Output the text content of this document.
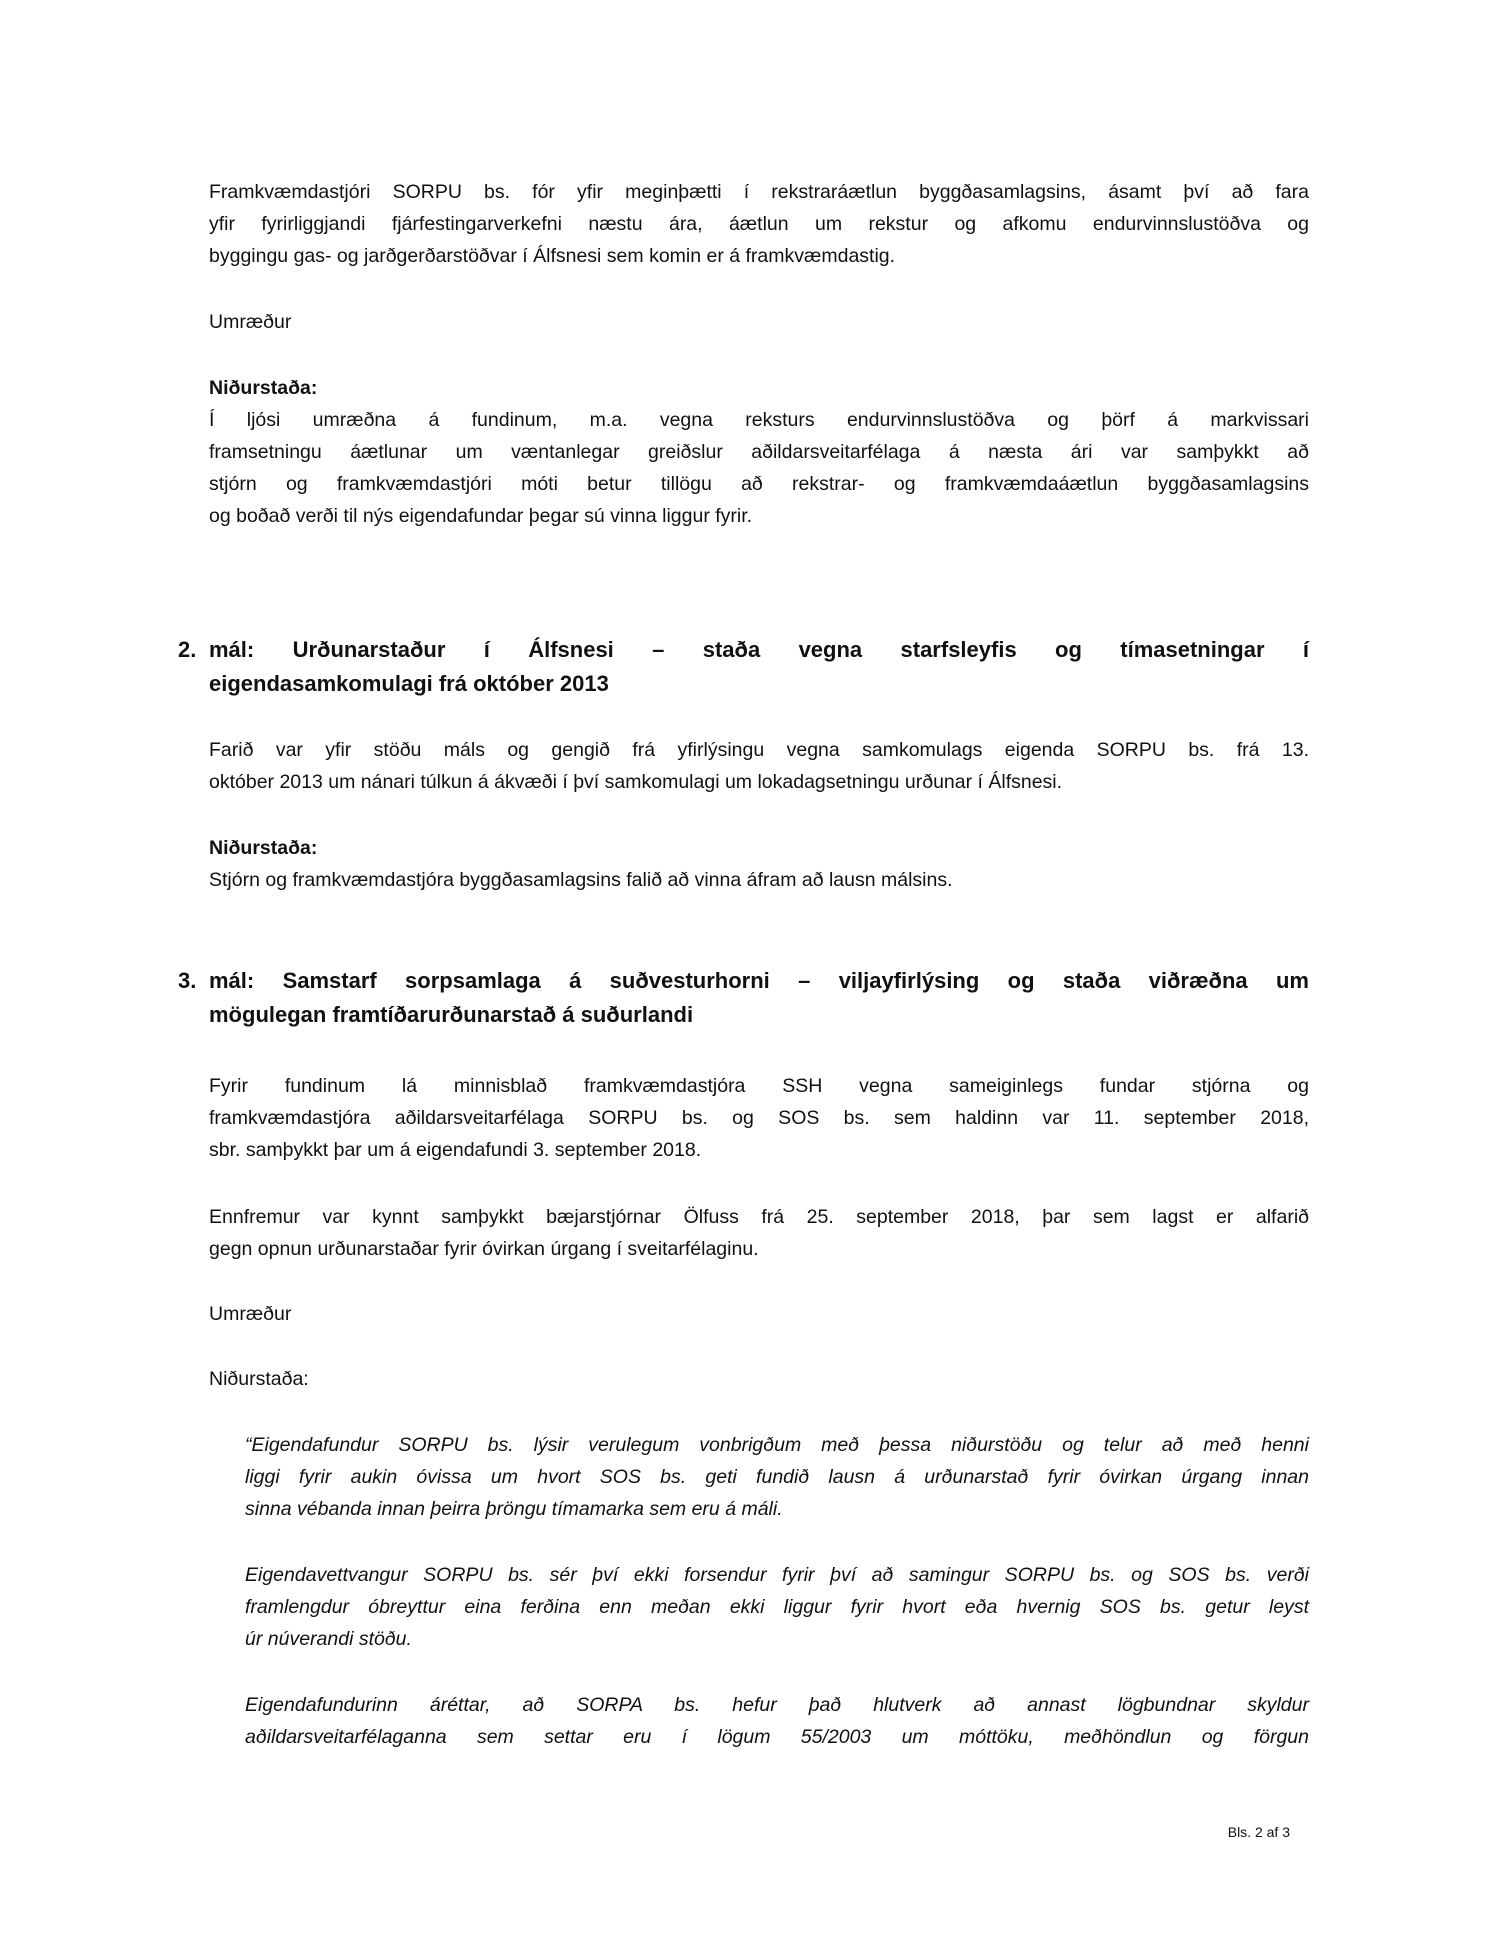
Framkvæmdastjóri SORPU bs. fór yfir meginþætti í rekstraráætlun byggðasamlagsins, ásamt því að fara
yfir fyrirliggjandi fjárfestingarverkefni næstu ára, áætlun um rekstur og afkomu endurvinnslustöðva og
byggingu gas- og jarðgerðarstöðvar í Álfsnesi sem komin er á framkvæmdastig.
Umræður
Niðurstaða:
Í ljósi umræðna á fundinum, m.a. vegna reksturs endurvinnslustöðva og þörf á markvissari
framsetningu áætlunar um væntanlegar greiðslur aðildarsveitarfélaga á næsta ári var samþykkt að
stjórn og framkvæmdastjóri móti betur tillögu að rekstrar- og framkvæmdaáætlun byggðasamlagsins
og boðað verði til nýs eigendafundar þegar sú vinna liggur fyrir.
2. mál: Urðunarstaður í Álfsnesi – staða vegna starfsleyfis og tímasetningar í
eigendasamkomulagi frá október 2013
Farið var yfir stöðu máls og gengið frá yfirlýsingu vegna samkomulags eigenda SORPU bs. frá 13.
október 2013 um nánari túlkun á ákvæði í því samkomulagi um lokadagsetningu urðunar í Álfsnesi.
Niðurstaða:
Stjórn og framkvæmdastjóra byggðasamlagsins falið að vinna áfram að lausn málsins.
3. mál: Samstarf sorpsamlaga á suðvesturhorni – viljayfirlýsing og staða viðræðna um
mögulegan framtíðarurðunarstað á suðurlandi
Fyrir fundinum lá minnisblað framkvæmdastjóra SSH vegna sameiginlegs fundar stjórna og
framkvæmdastjóra aðildarsveitarfélaga SORPU bs. og SOS bs. sem haldinn var 11. september 2018,
sbr. samþykkt þar um á eigendafundi 3. september 2018.
Ennfremur var kynnt samþykkt bæjarstjórnar Ölfuss frá 25. september 2018, þar sem lagst er alfarið
gegn opnun urðunarstaðar fyrir óvirkan úrgang í sveitarfélaginu.
Umræður
Niðurstaða:
“Eigendafundur SORPU bs. lýsir verulegum vonbrigðum með þessa niðurstöðu og telur að með henni
liggi fyrir aukin óvissa um hvort SOS bs. geti fundið lausn á urðunarstað fyrir óvirkan úrgang innan
sinna vébanda innan þeirra þröngu tímamarka sem eru á máli.
Eigendavettvangur SORPU bs. sér því ekki forsendur fyrir því að samingur SORPU bs. og SOS bs. verði
framlengdur óbreyttur eina ferðina enn meðan ekki liggur fyrir hvort eða hvernig SOS bs. getur leyst
úr núverandi stöðu.
Eigendafundurinn áréttar, að SORPA bs. hefur það hlutverk að annast lögbundnar skyldur
aðildarsveitarfélaganna sem settar eru í lögum 55/2003 um móttöku, meðhöndlun og förgun
Bls. 2 af 3
